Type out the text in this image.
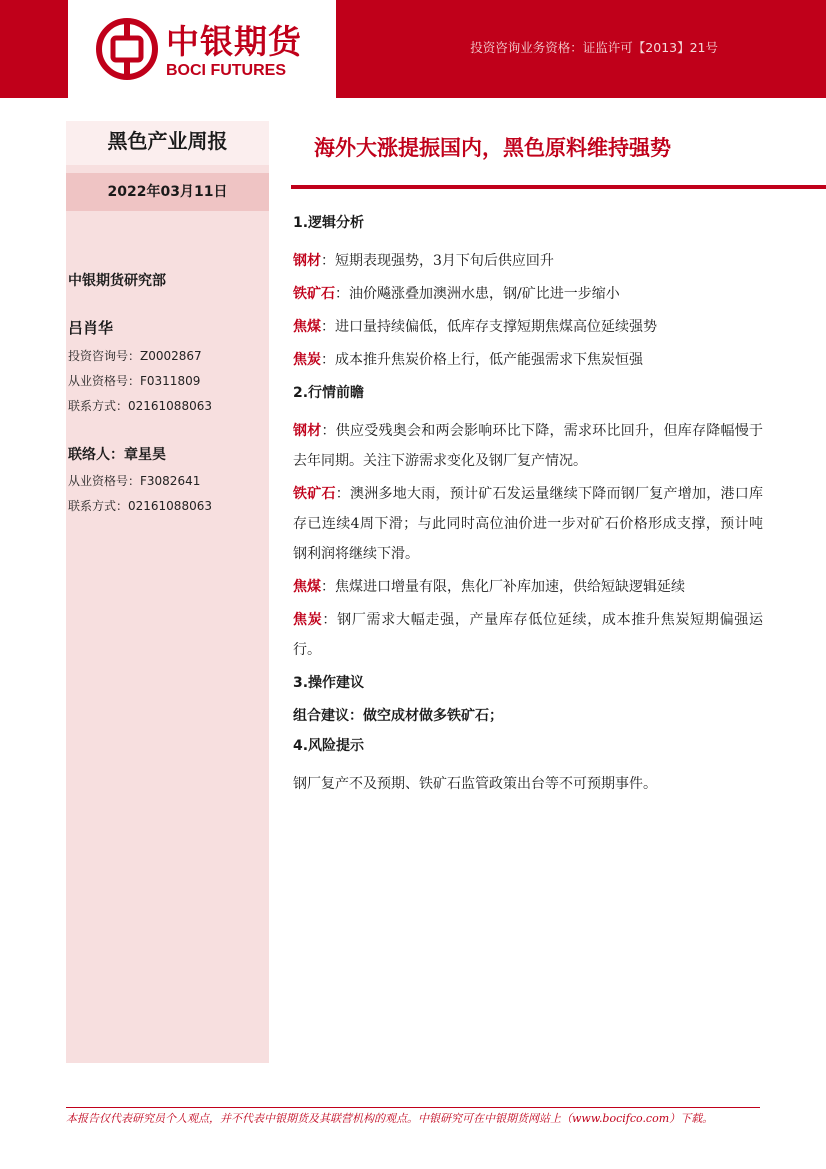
中银期货
BOCI FUTURES
投资咨询业务资格：证监许可【2013】21号
黑色产业周报
2022年03月11日
中银期货研究部
吕肖华
投资咨询号：Z0002867
从业资格号：F0311809
联系方式：02161088063
联络人：章星昊
从业资格号：F3082641
联系方式：02161088063
海外大涨提振国内，黑色原料维持强势
1.逻辑分析

钢材：短期表现强势，3月下旬后供应回升

铁矿石：油价飚涨叠加澳洲水患，钢/矿比进一步缩小

焦煤：进口量持续偏低，低库存支撑短期焦煤高位延续强势

焦炭：成本推升焦炭价格上行，低产能强需求下焦炭恒强

2.行情前瞻

钢材：供应受残奥会和两会影响环比下降，需求环比回升，但库存降幅慢于去年同期。关注下游需求变化及钢厂复产情况。

铁矿石：澳洲多地大雨，预计矿石发运量继续下降而钢厂复产增加，港口库存已连续4周下滑；与此同时高位油价进一步对矿石价格形成支撑，预计吨钢利润将继续下滑。

焦煤：焦煤进口增量有限，焦化厂补库加速，供给短缺逻辑延续

焦炭：钢厂需求大幅走强，产量库存低位延续，成本推升焦炭短期偏强运行。

3.操作建议
组合建议：做空成材做多铁矿石；
4.风险提示

钢厂复产不及预期、铁矿石监管政策出台等不可预期事件。

本报告仅代表研究员个人观点，并不代表中银期货及其联营机构的观点。中银研究可在中银期货网站上（www.bocifco.com）下载。
